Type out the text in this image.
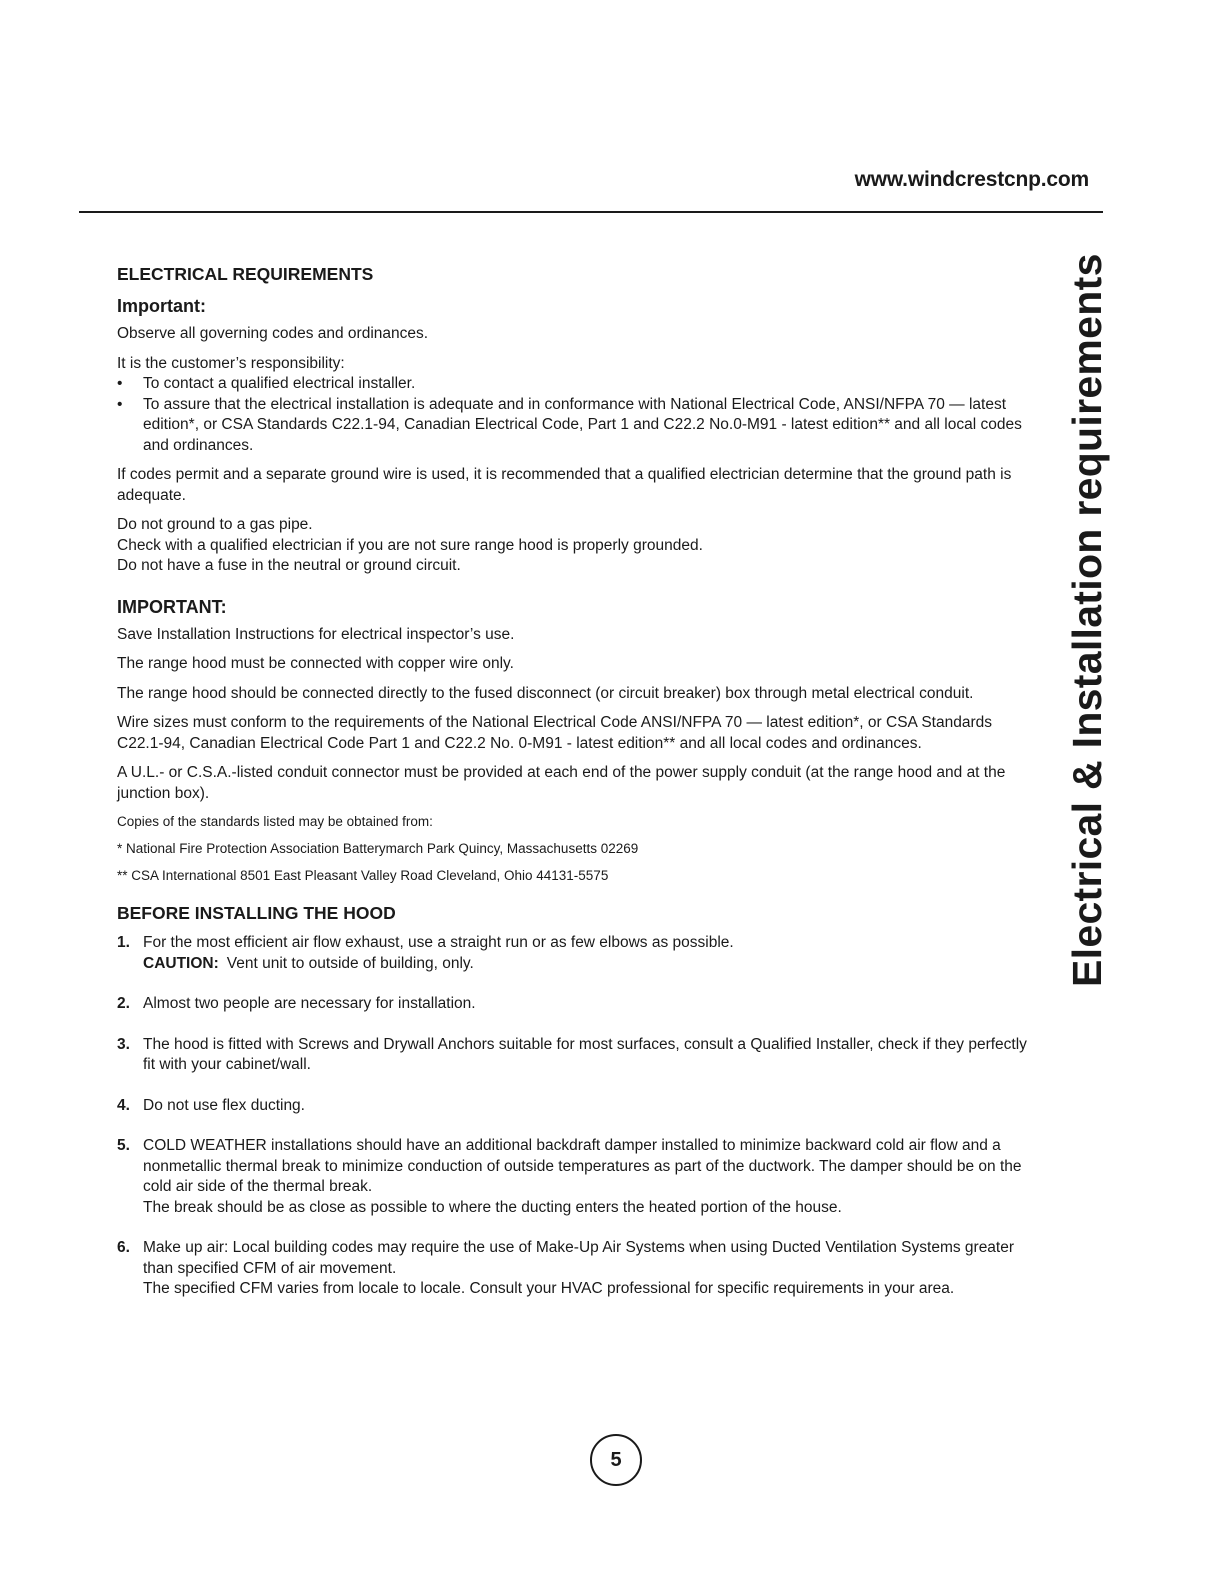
www.windcrestcnp.com
Electrical & Installation requirements
ELECTRICAL REQUIREMENTS
Important:

Observe all governing codes and ordinances.

It is the customer’s responsibility:

• To contact a qualified electrical installer.
• To assure that the electrical installation is adequate and in conformance with National Electrical Code, ANSI/NFPA 70 — latest edition*, or CSA Standards C22.1-94, Canadian Electrical Code, Part 1 and C22.2 No.0-M91 - latest edition** and all local codes and ordinances.

If codes permit and a separate ground wire is used, it is recommended that a qualified electrician determine that the ground path is adequate.

Do not ground to a gas pipe.

Check with a qualified electrician if you are not sure range hood is properly grounded.

Do not have a fuse in the neutral or ground circuit.

IMPORTANT:

Save Installation Instructions for electrical inspector’s use.

The range hood must be connected with copper wire only.

The range hood should be connected directly to the fused disconnect (or circuit breaker) box through metal electrical conduit.

Wire sizes must conform to the requirements of the National Electrical Code ANSI/NFPA 70 — latest edition*, or CSA Standards C22.1-94, Canadian Electrical Code Part 1 and C22.2 No. 0-M91 - latest edition** and all local codes and ordinances.

A U.L.- or C.S.A.-listed conduit connector must be provided at each end of the power supply conduit (at the range hood and at the junction box).

Copies of the standards listed may be obtained from:

* National Fire Protection Association Batterymarch Park Quincy, Massachusetts 02269

** CSA International 8501 East Pleasant Valley Road Cleveland, Ohio 44131-5575

BEFORE INSTALLING THE HOOD
1. For the most efficient air flow exhaust, use a straight run or as few elbows as possible.
CAUTION: Vent unit to outside of building, only.
2. Almost two people are necessary for installation.
3. The hood is fitted with Screws and Drywall Anchors suitable for most surfaces, consult a Qualified Installer, check if they perfectly fit with your cabinet/wall.
4. Do not use flex ducting.
5. COLD WEATHER installations should have an additional backdraft damper installed to minimize backward cold air flow and a nonmetallic thermal break to minimize conduction of outside temperatures as part of the ductwork. The damper should be on the cold air side of the thermal break.
The break should be as close as possible to where the ducting enters the heated portion of the house.
6. Make up air: Local building codes may require the use of Make-Up Air Systems when using Ducted Ventilation Systems greater than specified CFM of air movement.
The specified CFM varies from locale to locale. Consult your HVAC professional for specific requirements in your area.
5
